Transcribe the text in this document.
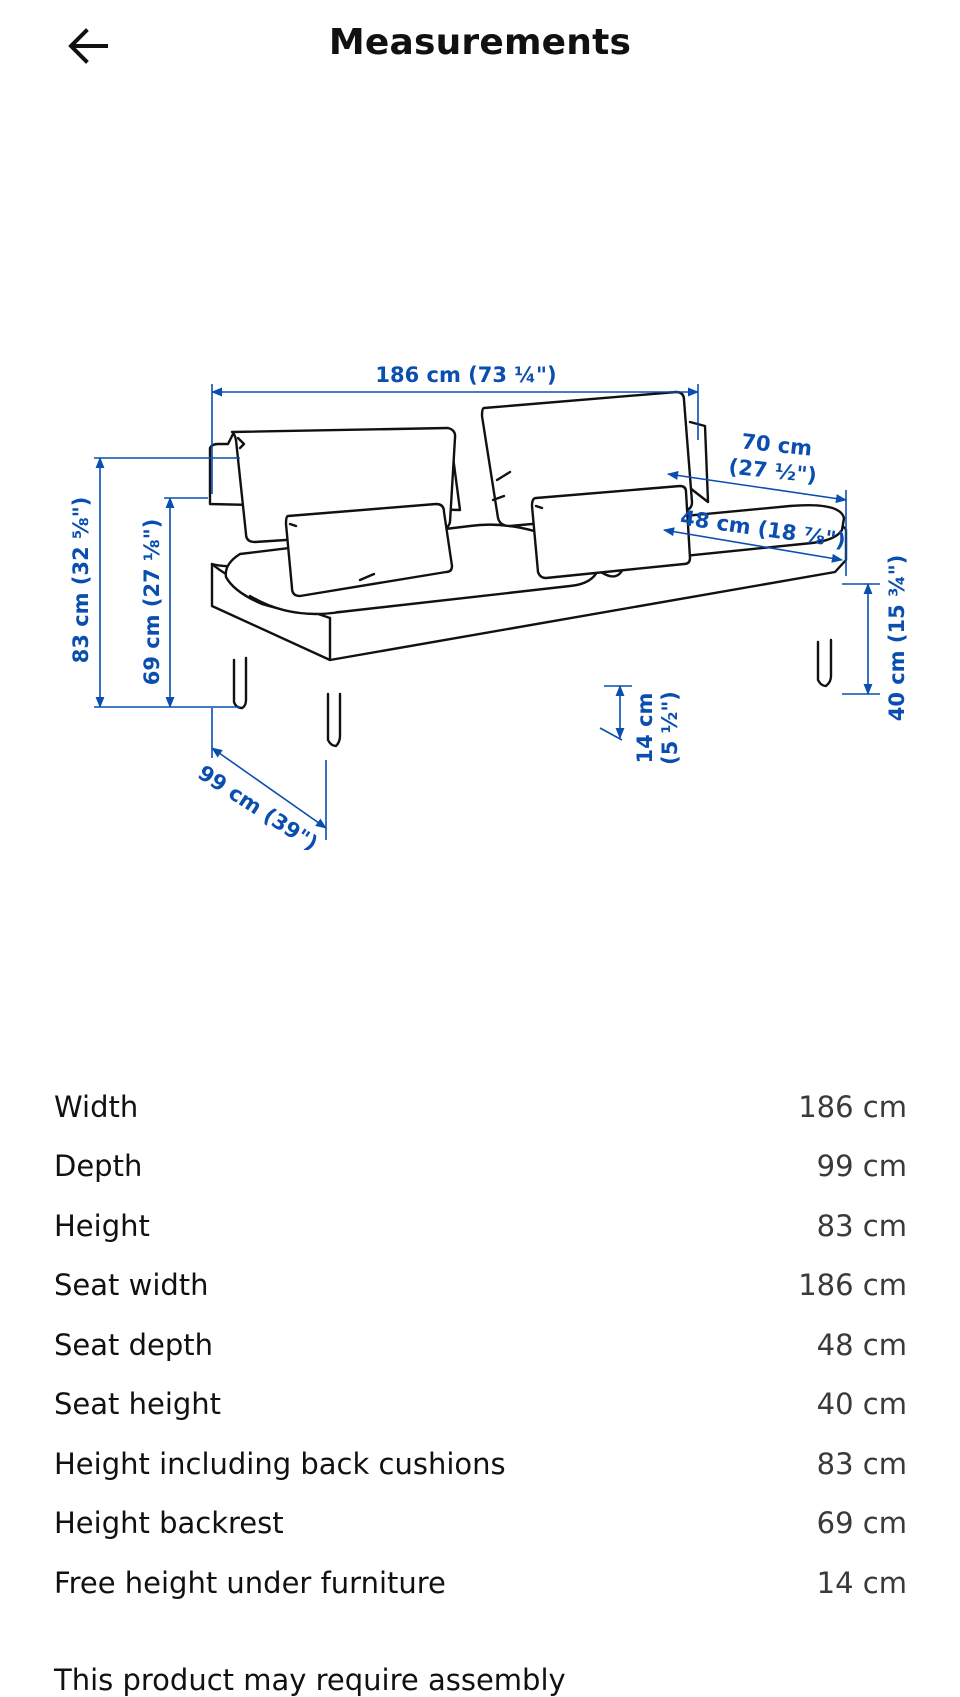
Measurements
186 cm (73 ¼")
83 cm (32 ⅝") 69 cm (27 ⅛")
99 cm (39")
70 cm
(27 ½")
48 cm (18 ⅞")
40 cm (15 ¾")
14 cm (5 ½")
Width	186 cm
Depth	99 cm
Height	83 cm
Seat width	186 cm
Seat depth	48 cm
Seat height	40 cm
Height including back cushions	83 cm
Height backrest	69 cm
Free height under furniture	14 cm
This product may require assembly
